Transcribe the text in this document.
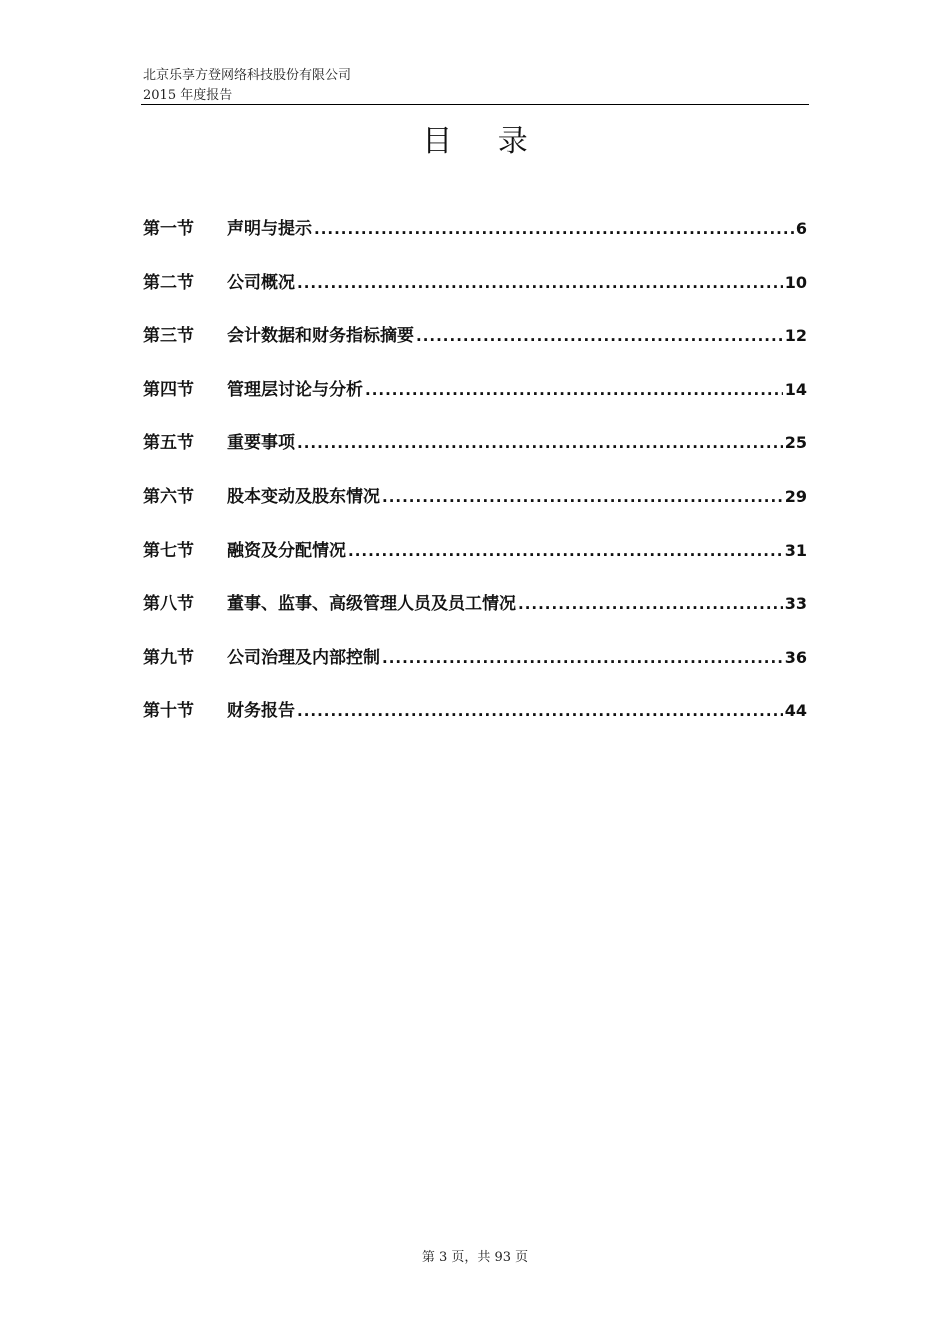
北京乐享方登网络科技股份有限公司
2015 年度报告
目 录
第一节	声明与提示 .....	6
第二节	公司概况 .....	10
第三节	会计数据和财务指标摘要 .....	12
第四节	管理层讨论与分析 .....	14
第五节	重要事项 .....	25
第六节	股本变动及股东情况 .....	29
第七节	融资及分配情况 .....	31
第八节	董事、监事、高级管理人员及员工情况 .....	33
第九节	公司治理及内部控制 .....	36
第十节	财务报告 .....	44
第 3 页，共 93 页
